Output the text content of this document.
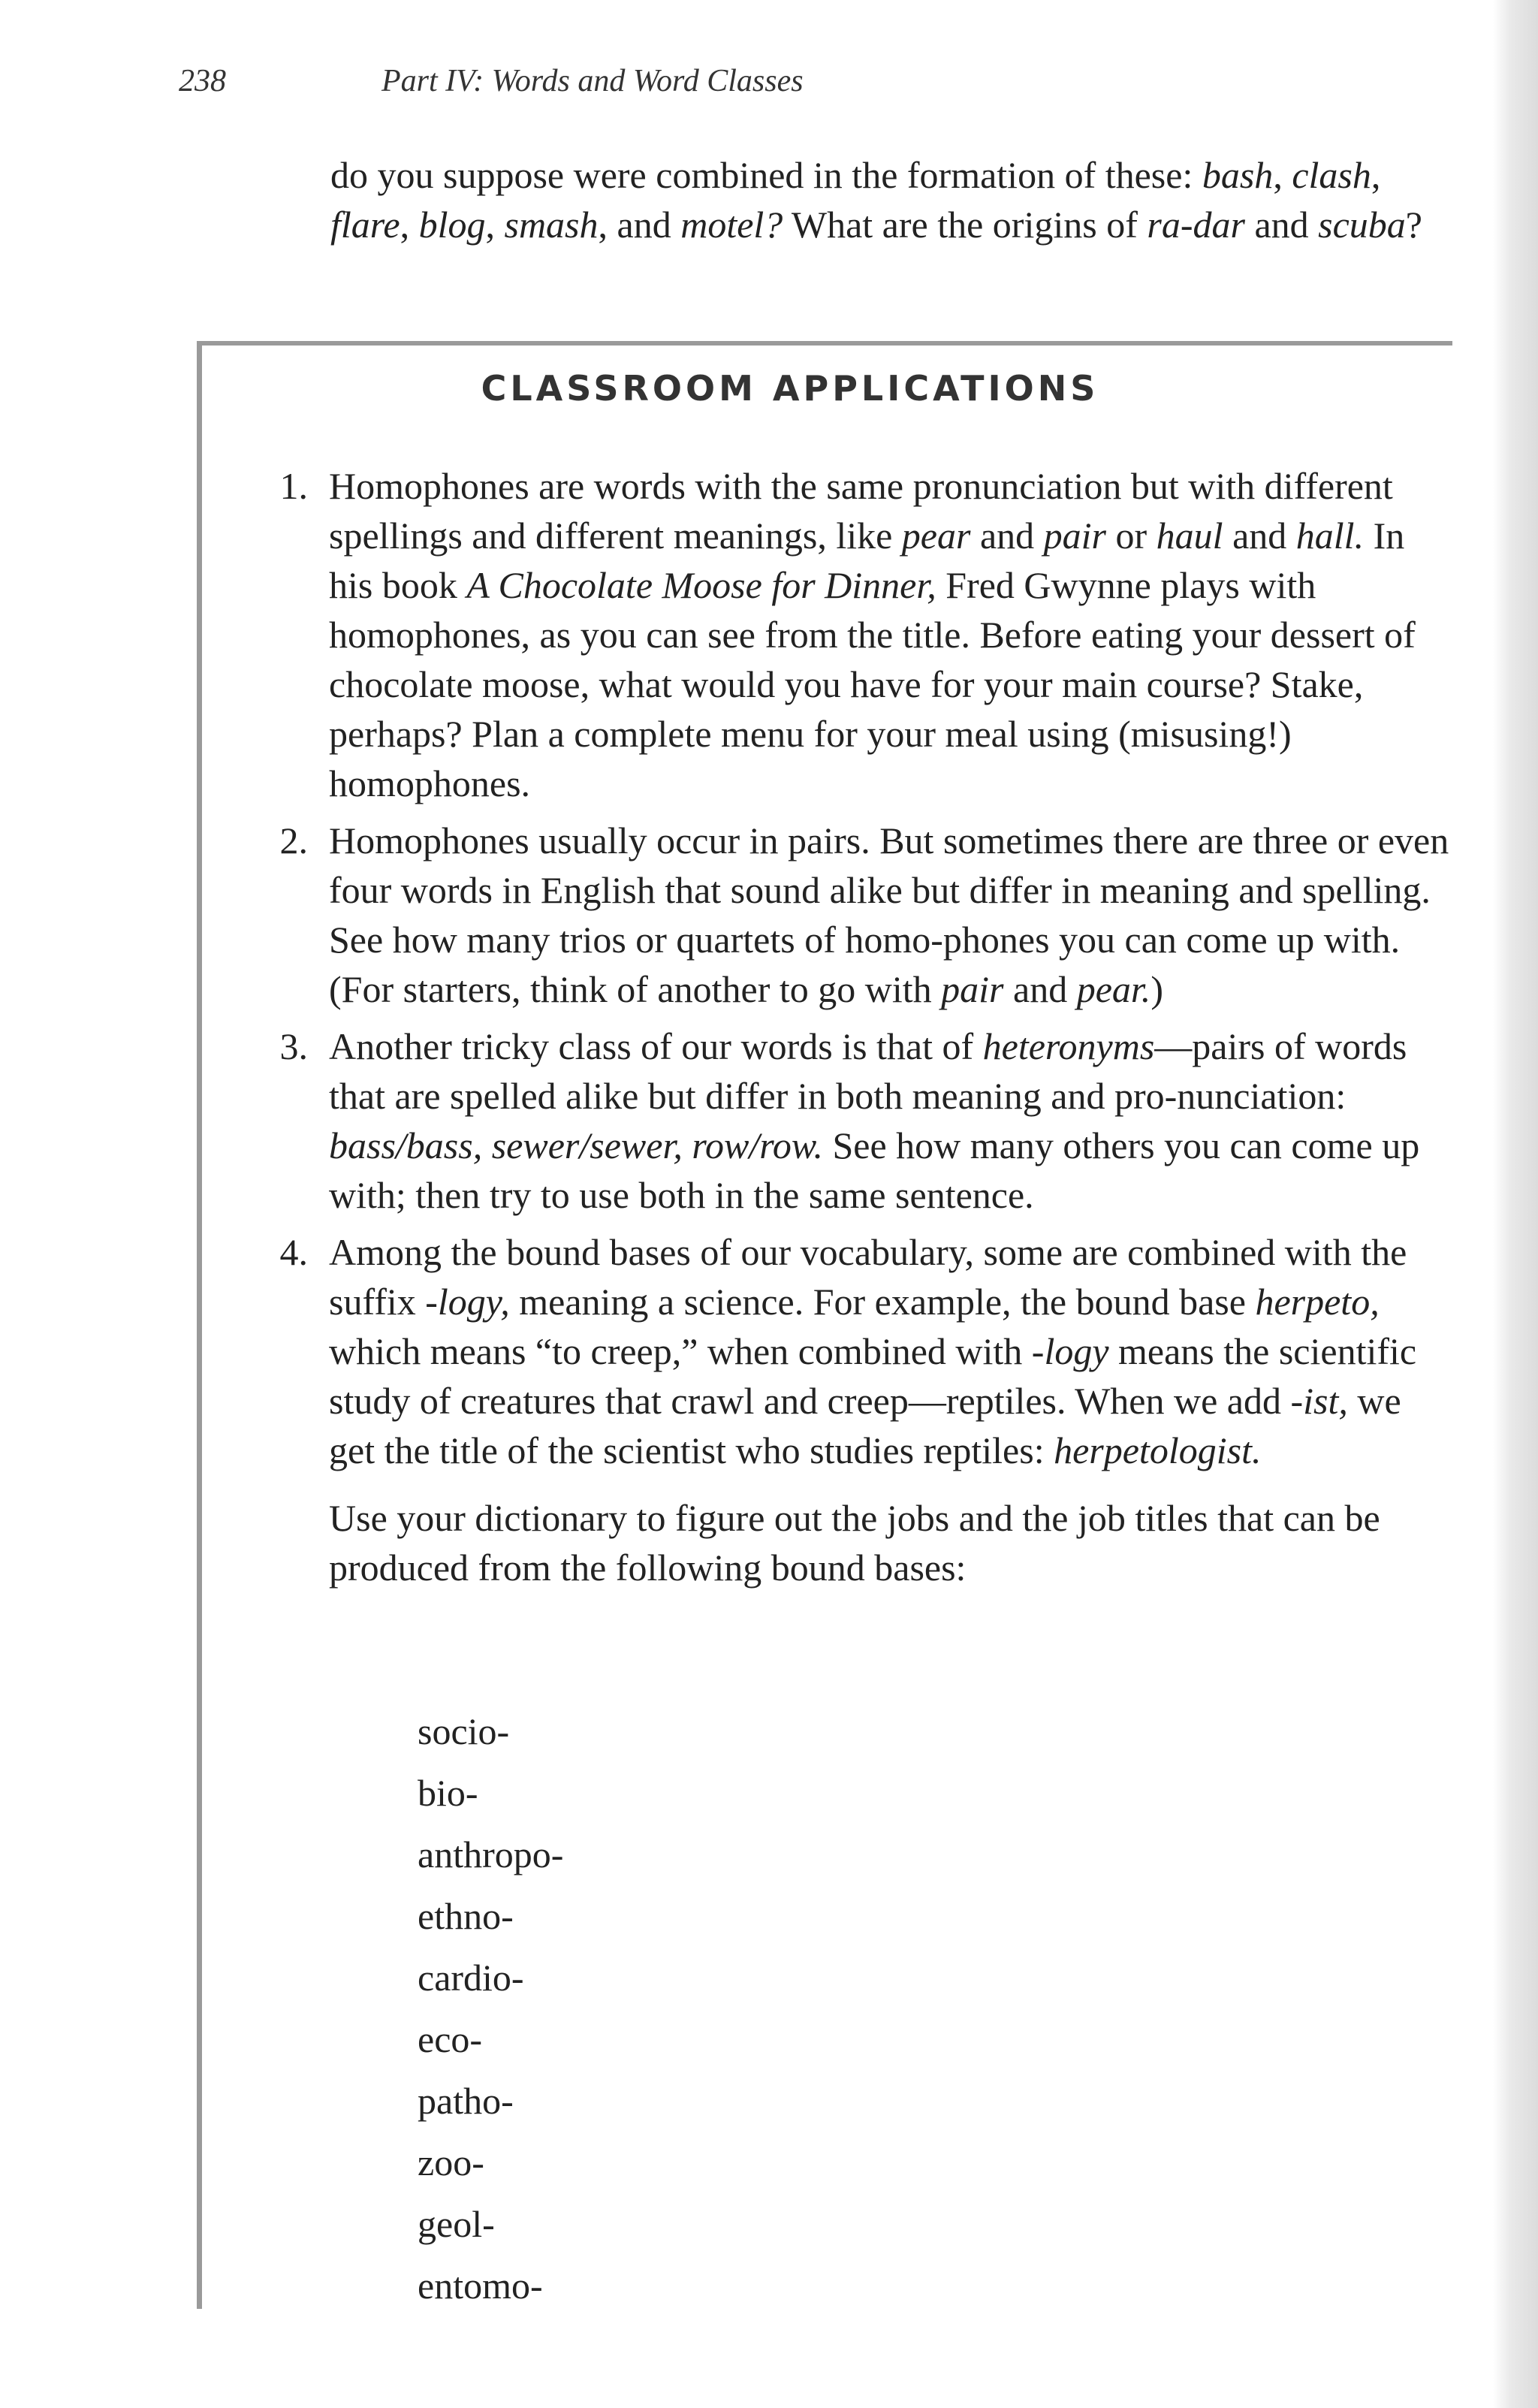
238	Part IV: Words and Word Classes

do you suppose were combined in the formation of these: bash, clash, flare, blog, smash, and motel? What are the origins of ra-dar and scuba?

CLASSROOM APPLICATIONS
1. Homophones are words with the same pronunciation but with different spellings and different meanings, like pear and pair or haul and hall. In his book A Chocolate Moose for Dinner, Fred Gwynne plays with homophones, as you can see from the title. Before eating your dessert of chocolate moose, what would you have for your main course? Stake, perhaps? Plan a complete menu for your meal using (misusing!) homophones.

2. Homophones usually occur in pairs. But sometimes there are three or even four words in English that sound alike but differ in meaning and spelling. See how many trios or quartets of homo-phones you can come up with. (For starters, think of another to go with pair and pear.)

3. Another tricky class of our words is that of heteronyms—pairs of words that are spelled alike but differ in both meaning and pro-nunciation: bass/bass, sewer/sewer, row/row. See how many others you can come up with; then try to use both in the same sentence.

4. Among the bound bases of our vocabulary, some are combined with the suffix -logy, meaning a science. For example, the bound base herpeto, which means “to creep,” when combined with -logy means the scientific study of creatures that crawl and creep—reptiles. When we add -ist, we get the title of the scientist who studies reptiles: herpetologist.

Use your dictionary to figure out the jobs and the job titles that can be produced from the following bound bases:

socio-
bio-
anthropo-
ethno-
cardio-
eco-
patho-
zoo-
geol-
entomo-
